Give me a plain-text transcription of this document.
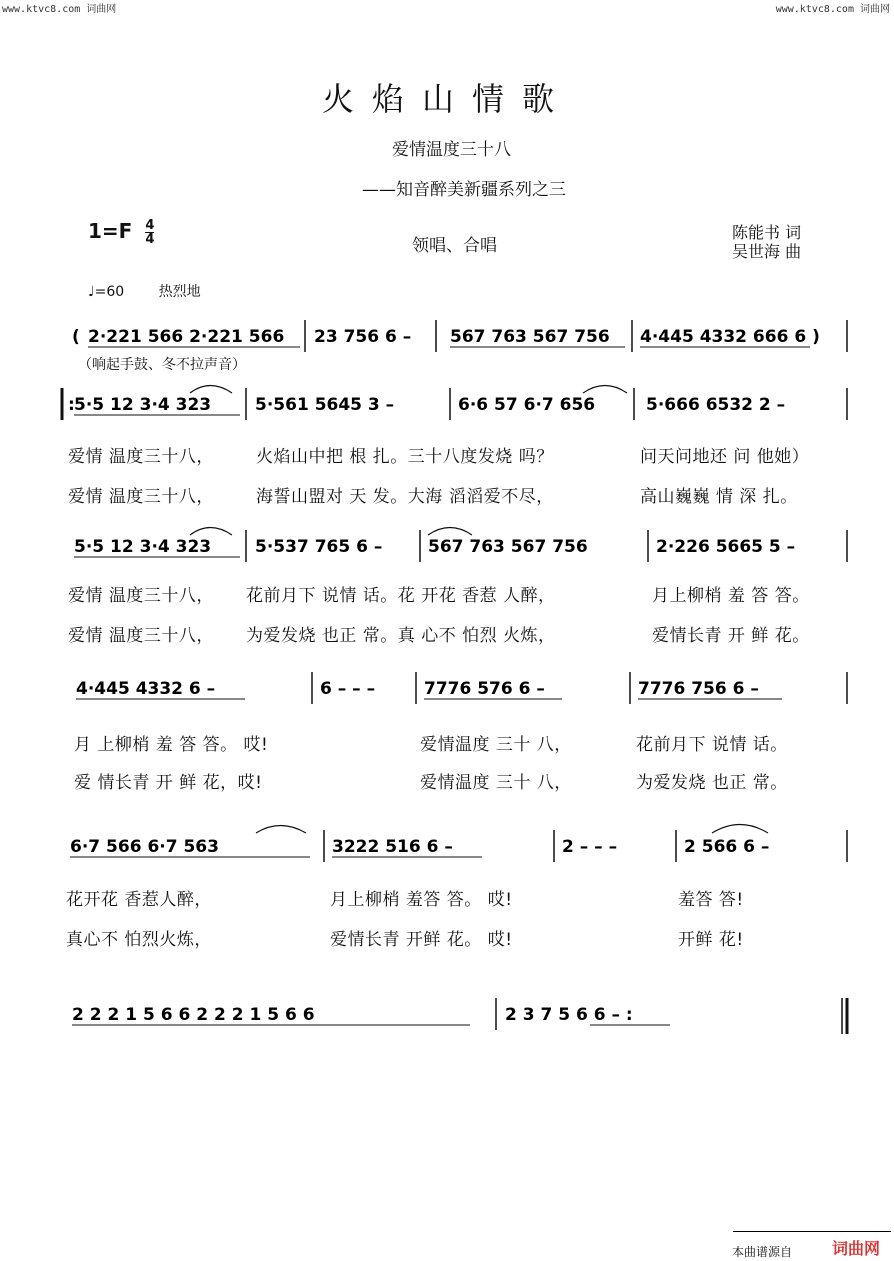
www.ktvc8.com 词曲网	www.ktvc8.com 词曲网
火焰山情歌
爱情温度三十八
——知音醉美新疆系列之三
$1=F \frac{4}{4}$	领唱、合唱
陈能书 词
吴世海 曲
♩=60 热烈地
( 2·221 566 2·221 566 23 756 6 – 567 763 567 756 4·445 4332 666 6 )
: 5·5 12 3·4 323	5·561 5645 3 –	6·6 57 6·7 656	5·666 6532 2 –
5·5 12 3·4 323	5·537 765 6 –	567 763 567 756	2·226 5665 5 –
4·445 4332 6 –	6 – – –	7776 576 6 –	7776 756 6 –
6·7 566 6·7 563	3222 516 6 –	2 – – –	2 566 6 –
2 2 2 1 5 6 6 2 2 2 1 5 6 6	2 3 7 5 6 6 – :
（响起手鼓、冬不拉声音）
爱情 温度三十八， 火焰山中把 根 扎。三十八度发烧 吗？	问天问地还 问 他她）
爱情 温度三十八， 海誓山盟对 天 发。大海 滔滔爱不尽，	高山巍巍 情 深 扎。
爱情 温度三十八， 花前月下 说情 话。花 开花 香惹 人醉，	月上柳梢 羞 答 答。
爱情 温度三十八， 为爱发烧 也正 常。真 心不 怕烈 火炼，	爱情长青 开 鲜 花。
月 上柳梢 羞 答 答。 哎!	爱情温度 三十 八，	花前月下 说情 话。
爱 情长青 开 鲜 花，哎!	爱情温度 三十 八，	为爱发烧 也正 常。
花开花 香惹人醉，	月上柳梢 羞答 答。 哎!	羞答 答!
真心不 怕烈火炼，	爱情长青 开鲜 花。 哎!	开鲜 花!
本曲谱源自 词曲网
